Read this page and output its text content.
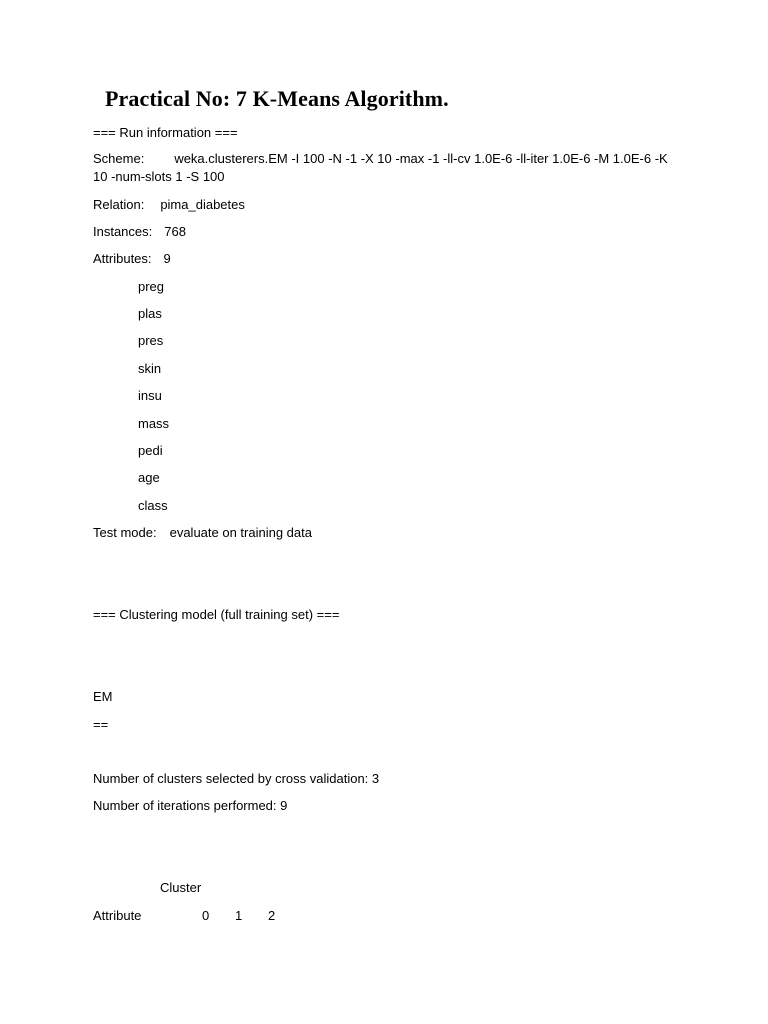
Practical No: 7 K-Means Algorithm.
=== Run information ===
Scheme: weka.clusterers.EM -I 100 -N -1 -X 10 -max -1 -ll-cv 1.0E-6 -ll-iter 1.0E-6 -M 1.0E-6 -K 10 -num-slots 1 -S 100
Relation: pima_diabetes
Instances: 768
Attributes: 9
preg
plas
pres
skin
insu
mass
pedi
age
class
Test mode: evaluate on training data
=== Clustering model (full training set) ===
EM
==
Number of clusters selected by cross validation: 3
Number of iterations performed: 9
Cluster
Attribute	0 1 2
